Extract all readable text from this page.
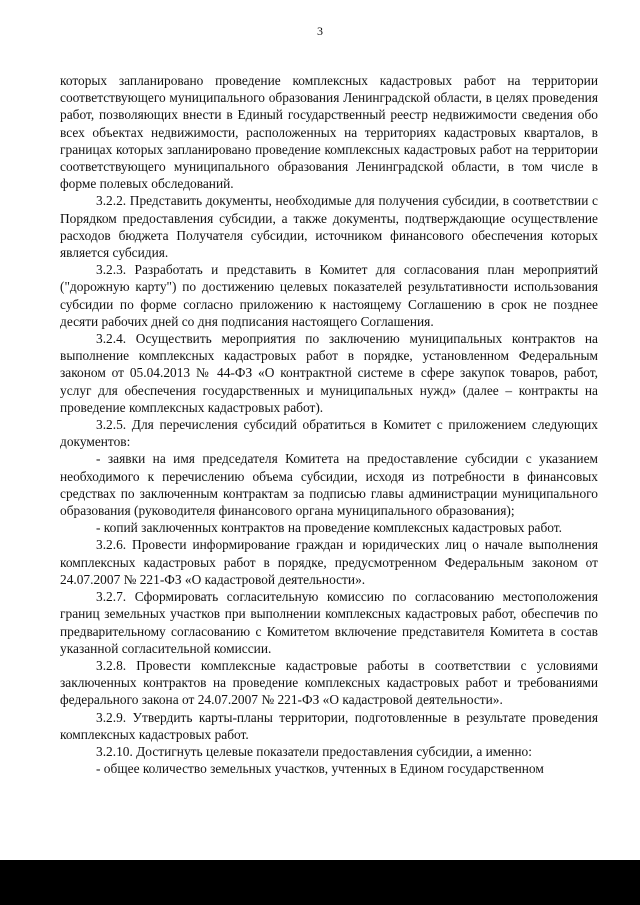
3

которых запланировано проведение комплексных кадастровых работ на территории соответствующего муниципального образования Ленинградской области, в целях проведения работ, позволяющих внести в Единый государственный реестр недвижимости сведения обо всех объектах недвижимости, расположенных на территориях кадастровых кварталов, в границах которых запланировано проведение комплексных кадастровых работ на территории соответствующего муниципального образования Ленинградской области, в том числе в форме полевых обследований.

3.2.2. Представить документы, необходимые для получения субсидии, в соответствии с Порядком предоставления субсидии, а также документы, подтверждающие осуществление расходов бюджета Получателя субсидии, источником финансового обеспечения которых является субсидия.

3.2.3. Разработать и представить в Комитет для согласования план мероприятий ("дорожную карту") по достижению целевых показателей результативности использования субсидии по форме согласно приложению к настоящему Соглашению в срок не позднее десяти рабочих дней со дня подписания настоящего Соглашения.

3.2.4. Осуществить мероприятия по заключению муниципальных контрактов на выполнение комплексных кадастровых работ в порядке, установленном Федеральным законом от 05.04.2013 № 44-ФЗ «О контрактной системе в сфере закупок товаров, работ, услуг для обеспечения государственных и муниципальных нужд» (далее – контракты на проведение комплексных кадастровых работ).

3.2.5. Для перечисления субсидий обратиться в Комитет с приложением следующих документов:

- заявки на имя председателя Комитета на предоставление субсидии с указанием необходимого к перечислению объема субсидии, исходя из потребности в финансовых средствах по заключенным контрактам за подписью главы администрации муниципального образования (руководителя финансового органа муниципального образования);

- копий заключенных контрактов на проведение комплексных кадастровых работ.

3.2.6. Провести информирование граждан и юридических лиц о начале выполнения комплексных кадастровых работ в порядке, предусмотренном Федеральным законом от 24.07.2007 № 221-ФЗ «О кадастровой деятельности».

3.2.7. Сформировать согласительную комиссию по согласованию местоположения границ земельных участков при выполнении комплексных кадастровых работ, обеспечив по предварительному согласованию с Комитетом включение представителя Комитета в состав указанной согласительной комиссии.

3.2.8. Провести комплексные кадастровые работы в соответствии с условиями заключенных контрактов на проведение комплексных кадастровых работ и требованиями федерального закона от 24.07.2007 № 221-ФЗ «О кадастровой деятельности».

3.2.9. Утвердить карты-планы территории, подготовленные в результате проведения комплексных кадастровых работ.

3.2.10. Достигнуть целевые показатели предоставления субсидии, а именно:

- общее количество земельных участков, учтенных в Едином государственном
